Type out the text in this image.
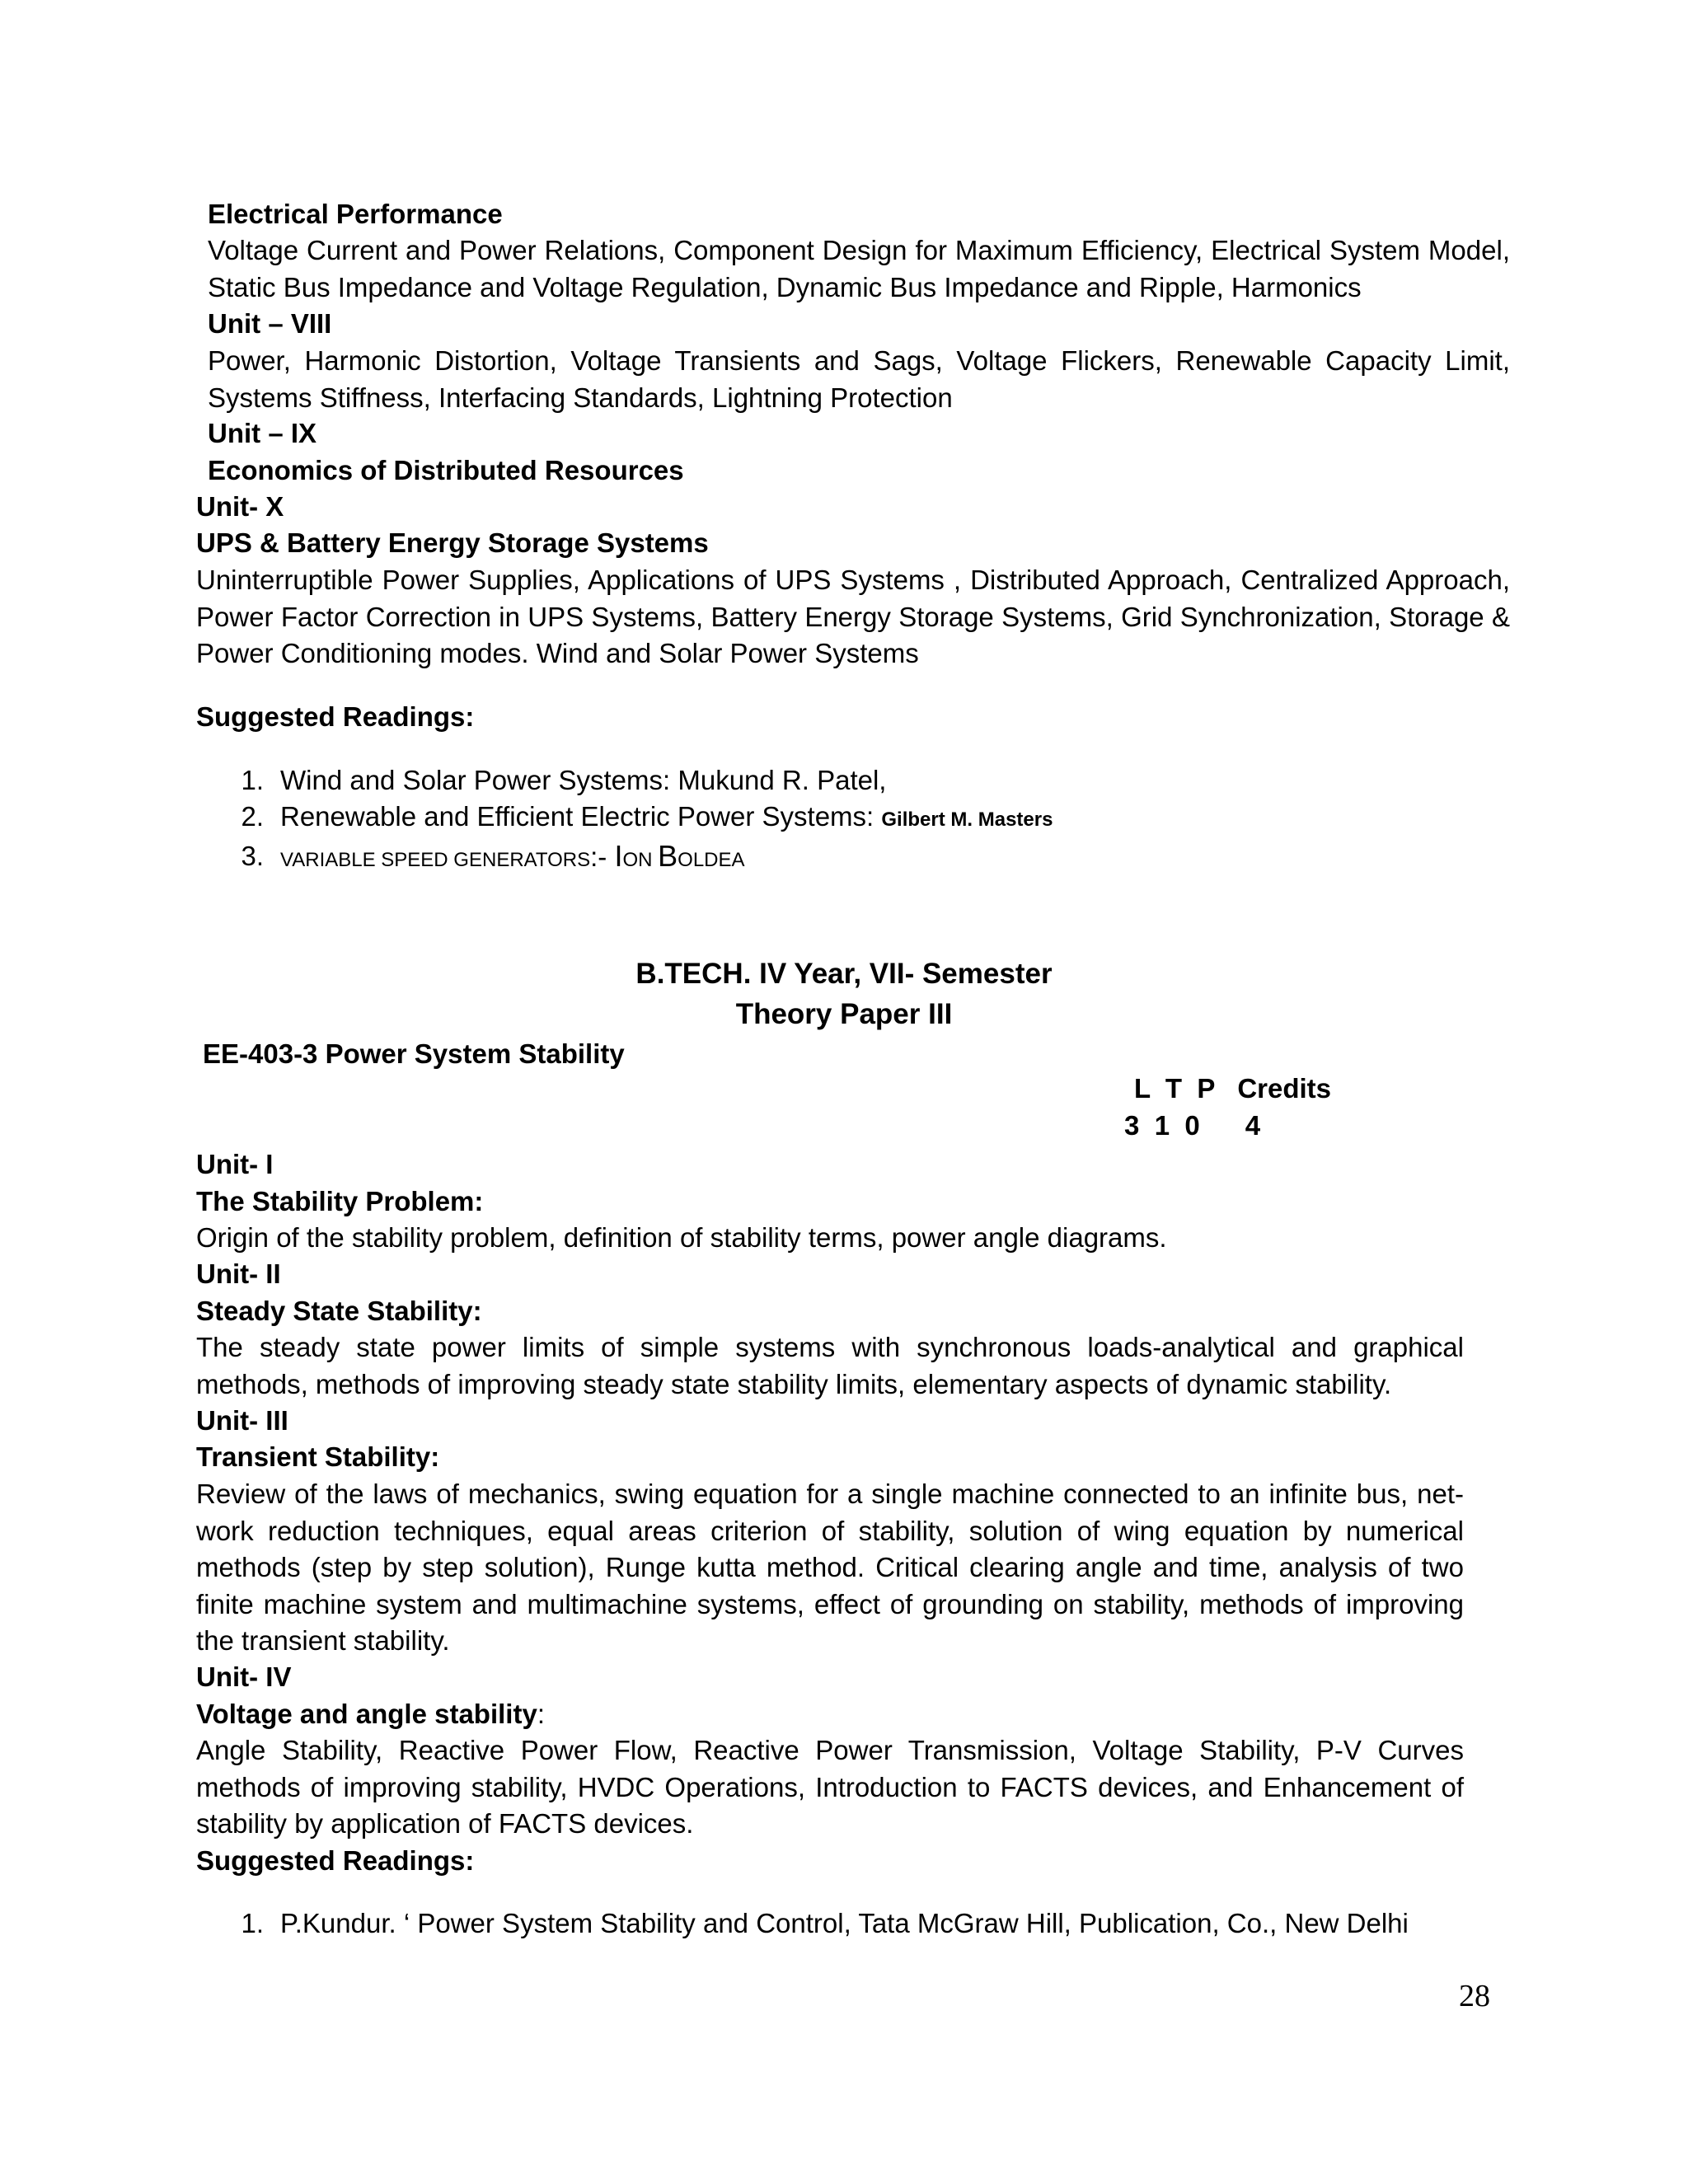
Electrical Performance
Voltage Current and Power Relations, Component Design for Maximum Efficiency, Electrical System Model,
Static Bus Impedance and Voltage Regulation, Dynamic Bus Impedance and Ripple, Harmonics
Unit – VIII
Power, Harmonic Distortion, Voltage Transients and Sags, Voltage Flickers, Renewable Capacity Limit,
Systems Stiffness, Interfacing Standards, Lightning Protection
Unit – IX
Economics of Distributed Resources
Unit- X
UPS & Battery Energy Storage Systems
Uninterruptible Power Supplies, Applications of UPS Systems , Distributed Approach, Centralized Approach,
Power Factor Correction in UPS Systems, Battery Energy Storage Systems, Grid Synchronization, Storage &
Power Conditioning modes. Wind and Solar Power Systems
Suggested Readings:
1. Wind and Solar Power Systems: Mukund R. Patel,
2. Renewable and Efficient Electric Power Systems: Gilbert M. Masters
3. VARIABLE SPEED GENERATORS:- ION BOLDEA
B.TECH. IV Year, VII- Semester
Theory Paper III
EE-403-3 Power System Stability
L  T  P   Credits
3  1  0      4
Unit- I
The Stability Problem:
Origin of the stability problem, definition of stability terms, power angle diagrams.
Unit- II
Steady State Stability:
The steady state power limits of simple systems with synchronous loads-analytical and graphical
methods, methods of improving steady state stability limits, elementary aspects of dynamic stability.
Unit- III
Transient Stability:
Review of the laws of mechanics, swing equation for a single machine connected to an infinite bus, net-
work reduction techniques, equal areas criterion of stability, solution of wing equation by numerical
methods (step by step solution), Runge kutta method. Critical clearing angle and time, analysis of two
finite machine system and multimachine systems, effect of grounding on stability, methods of improving
the transient stability.
Unit- IV
Voltage and angle stability:
Angle Stability, Reactive Power Flow, Reactive Power Transmission, Voltage Stability, P-V Curves
methods of improving stability, HVDC Operations, Introduction to FACTS devices, and Enhancement of
stability by application of FACTS devices.
Suggested Readings:
1. P.Kundur. ‘ Power System Stability and Control, Tata McGraw Hill, Publication, Co., New Delhi
28
